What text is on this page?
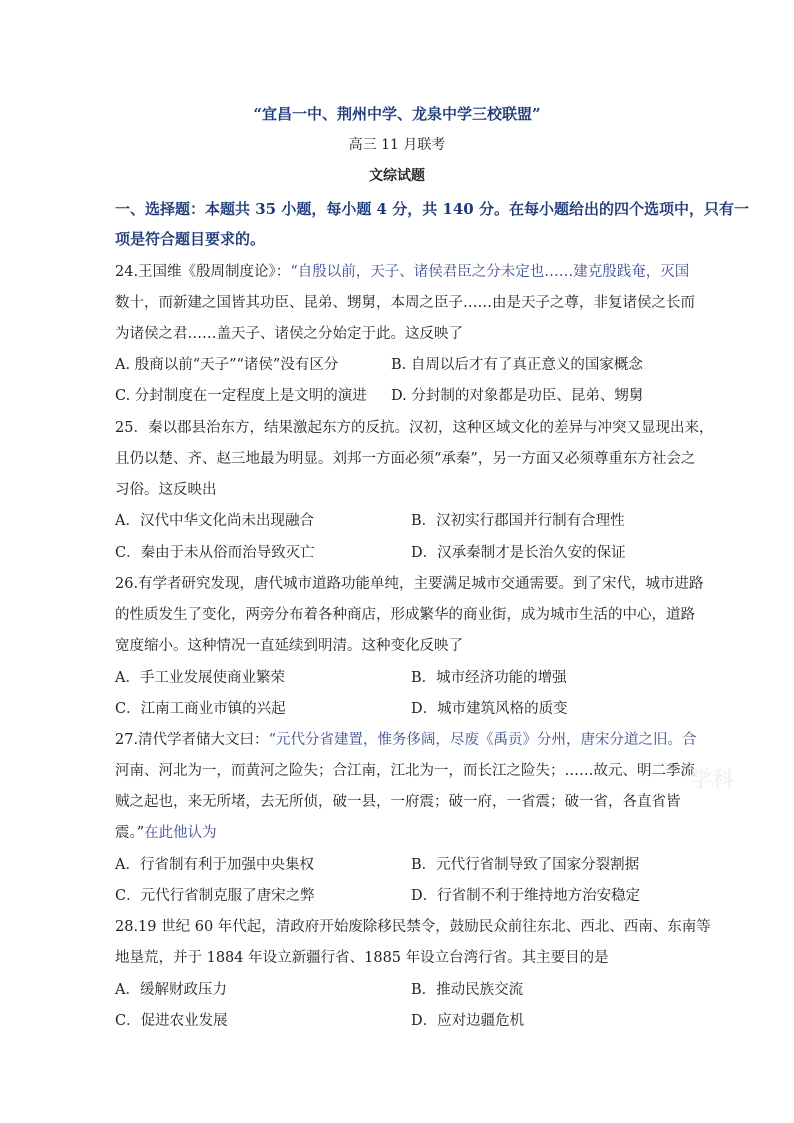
“宜昌一中、荆州中学、龙泉中学三校联盟”
高三 11 月联考
文综试题
一、选择题：本题共 35 小题，每小题 4 分，共 140 分。在每小题给出的四个选项中，只有一
项是符合题目要求的。
24.王国维《殷周制度论》：“自殷以前，天子、诸侯君臣之分未定也……建克殷践奄，灭国
数十，而新建之国皆其功臣、昆弟、甥舅，本周之臣子……由是天子之尊，非复诸侯之长而
为诸侯之君……盖天子、诸侯之分始定于此。这反映了
A. 殷商以前“天子”“诸侯”没有区分	B. 自周以后才有了真正意义的国家概念
C. 分封制度在一定程度上是文明的演进 D. 分封制的对象都是功臣、昆弟、甥舅
25．秦以郡县治东方，结果激起东方的反抗。汉初，这种区域文化的差异与冲突又显现出来，
且仍以楚、齐、赵三地最为明显。刘邦一方面必须“承秦”，另一方面又必须尊重东方社会之
习俗。这反映出
A．汉代中华文化尚未出现融合	B．汉初实行郡国并行制有合理性
C．秦由于未从俗而治导致灭亡	D．汉承秦制才是长治久安的保证
26.有学者研究发现，唐代城市道路功能单纯，主要满足城市交通需要。到了宋代，城市进路
的性质发生了变化，两旁分布着各种商店，形成繁华的商业街，成为城市生活的中心，道路
宽度缩小。这种情况一直延续到明清。这种变化反映了
A．手工业发展使商业繁荣	B．城市经济功能的增强
C．江南工商业市镇的兴起	D．城市建筑风格的质变
27.清代学者储大文曰：“元代分省建置，惟务侈阔，尽废《禹贡》分州，唐宋分道之旧。合
河南、河北为一，而黄河之险失；合江南，江北为一，而长江之险失；……故元、明二季流
贼之起也，来无所堵，去无所侦，破一县，一府震；破一府，一省震；破一省，各直省皆
震。”在此他认为
A．行省制有利于加强中央集权	B．元代行省制导致了国家分裂割据
C．元代行省制克服了唐宋之弊	D．行省制不利于维持地方治安稳定
28.19 世纪 60 年代起，清政府开始废除移民禁令，鼓励民众前往东北、西北、西南、东南等
地垦荒，并于 1884 年设立新疆行省、1885 年设立台湾行省。其主要目的是
A．缓解财政压力	B．推动民族交流
C．促进农业发展	D．应对边疆危机
学科
